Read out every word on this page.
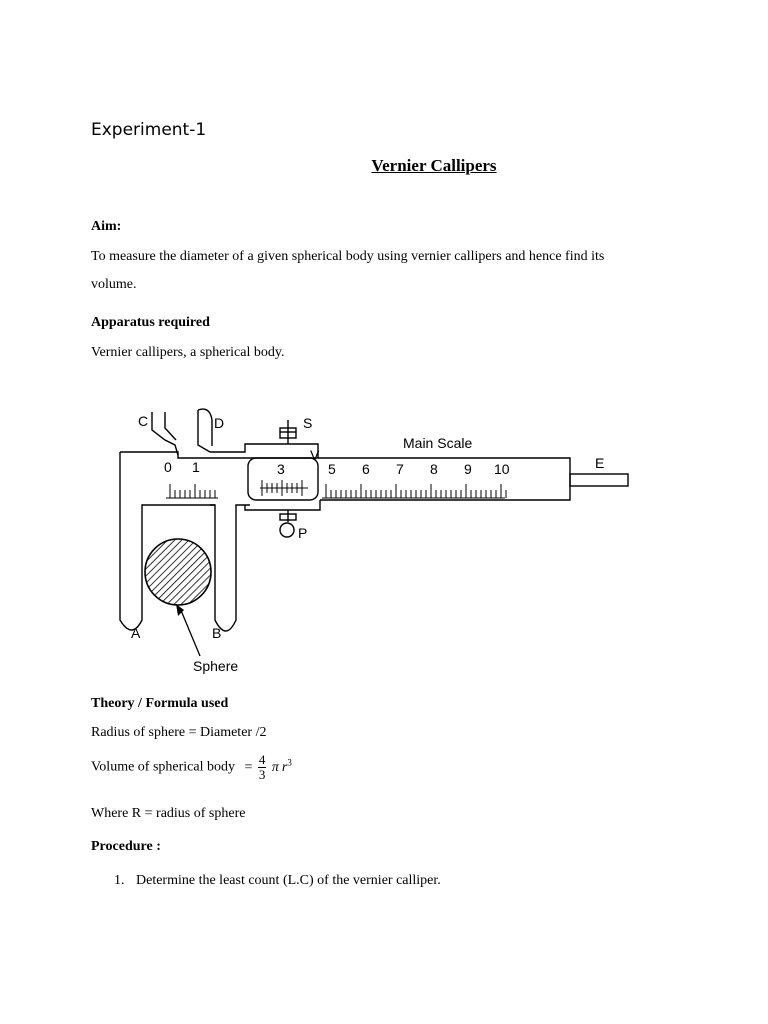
Experiment-1
Vernier Callipers
Aim:
To measure the diameter of a given spherical body using vernier callipers and hence find its
volume.
Apparatus required
Vernier callipers, a spherical body.
C	D	S
V
P
E
A	B
Main Scale
Sphere
0 1	3	5 6 7 8 9 10
Theory / Formula used
Radius of sphere = Diameter /2
Volume of spherical body = $\frac{4}{3}$ π $r^3$
Where R = radius of sphere
Procedure :
1. Determine the least count (L.C) of the vernier calliper.
